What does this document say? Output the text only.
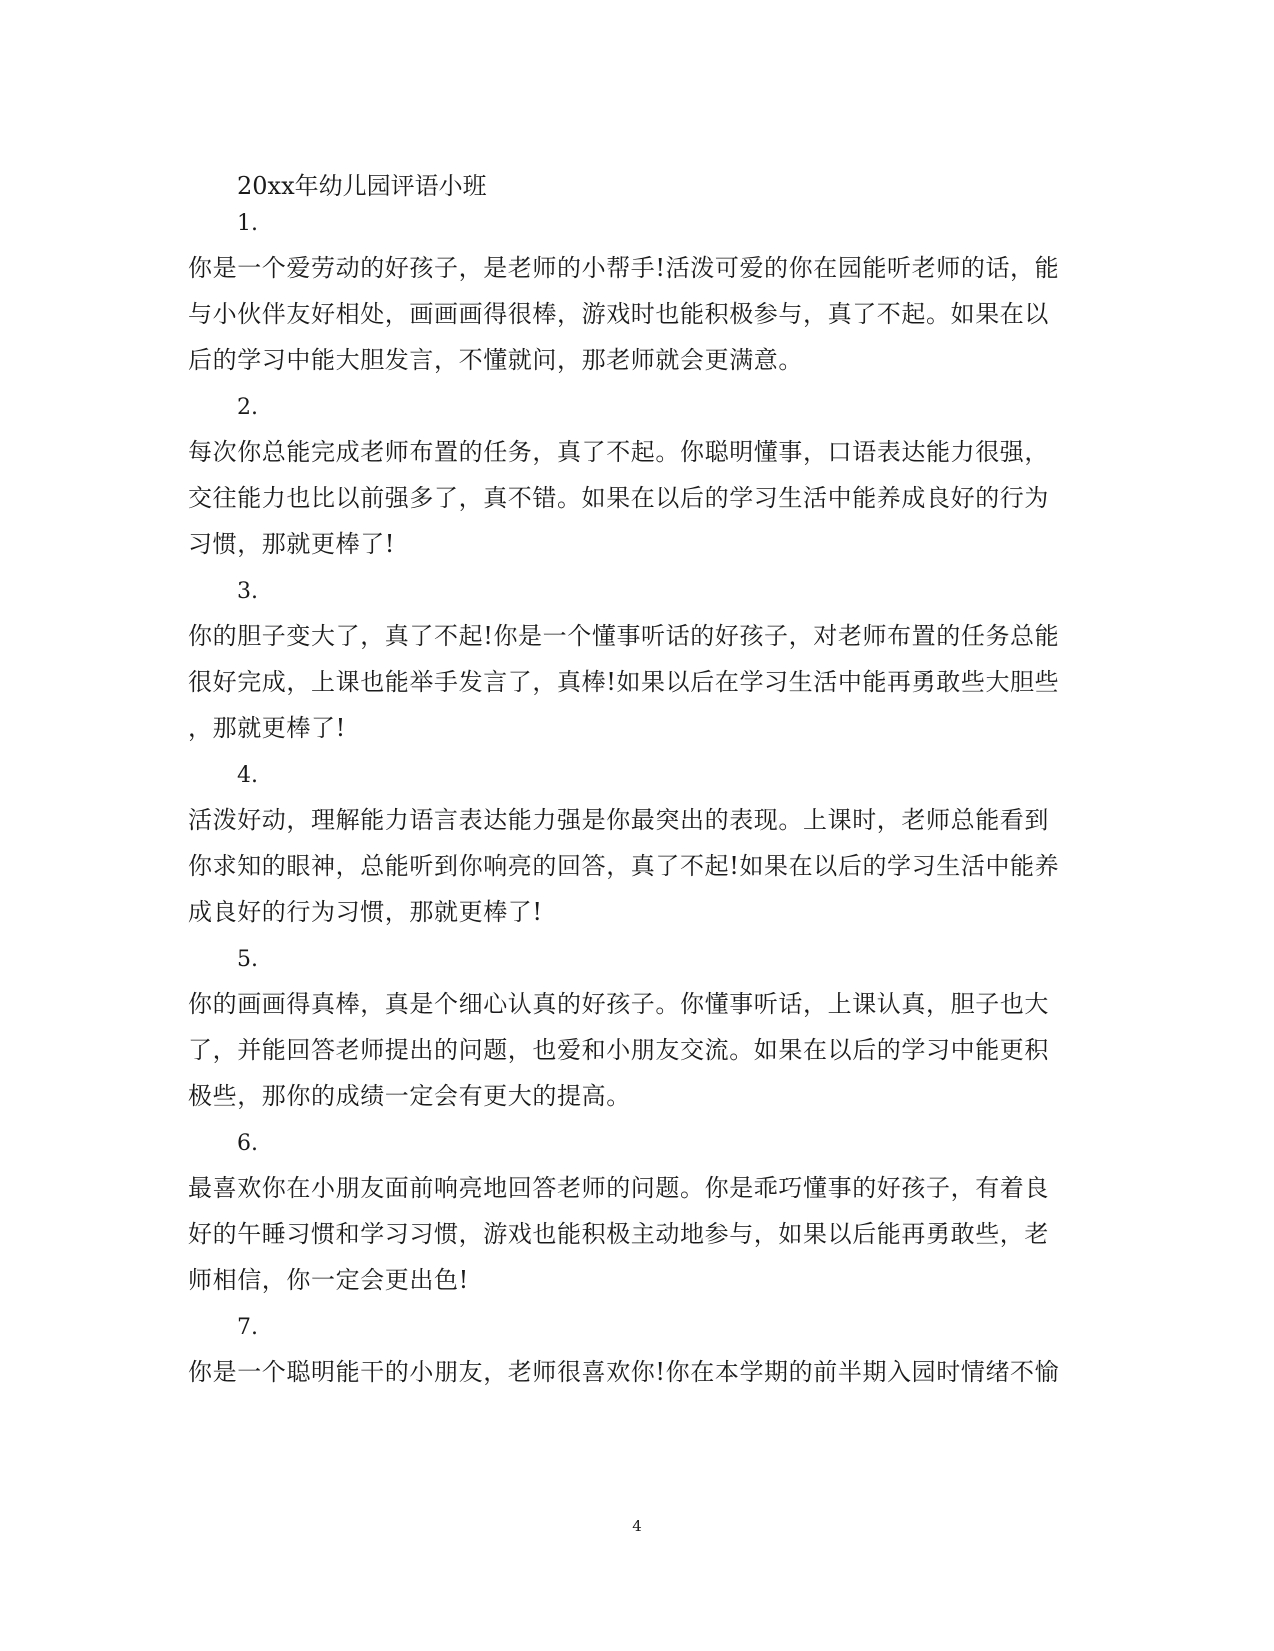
20xx年幼儿园评语小班
1.
你是一个爱劳动的好孩子，是老师的小帮手!活泼可爱的你在园能听老师的话，能
与小伙伴友好相处，画画画得很棒，游戏时也能积极参与，真了不起。如果在以
后的学习中能大胆发言，不懂就问，那老师就会更满意。
2.
每次你总能完成老师布置的任务，真了不起。你聪明懂事，口语表达能力很强，
交往能力也比以前强多了，真不错。如果在以后的学习生活中能养成良好的行为
习惯，那就更棒了!
3.
你的胆子变大了，真了不起!你是一个懂事听话的好孩子，对老师布置的任务总能
很好完成，上课也能举手发言了，真棒!如果以后在学习生活中能再勇敢些大胆些
，那就更棒了!
4.
活泼好动，理解能力语言表达能力强是你最突出的表现。上课时，老师总能看到
你求知的眼神，总能听到你响亮的回答，真了不起!如果在以后的学习生活中能养
成良好的行为习惯，那就更棒了!
5.
你的画画得真棒，真是个细心认真的好孩子。你懂事听话，上课认真，胆子也大
了，并能回答老师提出的问题，也爱和小朋友交流。如果在以后的学习中能更积
极些，那你的成绩一定会有更大的提高。
6.
最喜欢你在小朋友面前响亮地回答老师的问题。你是乖巧懂事的好孩子，有着良
好的午睡习惯和学习习惯，游戏也能积极主动地参与，如果以后能再勇敢些，老
师相信，你一定会更出色!
7.
你是一个聪明能干的小朋友，老师很喜欢你!你在本学期的前半期入园时情绪不愉
4
